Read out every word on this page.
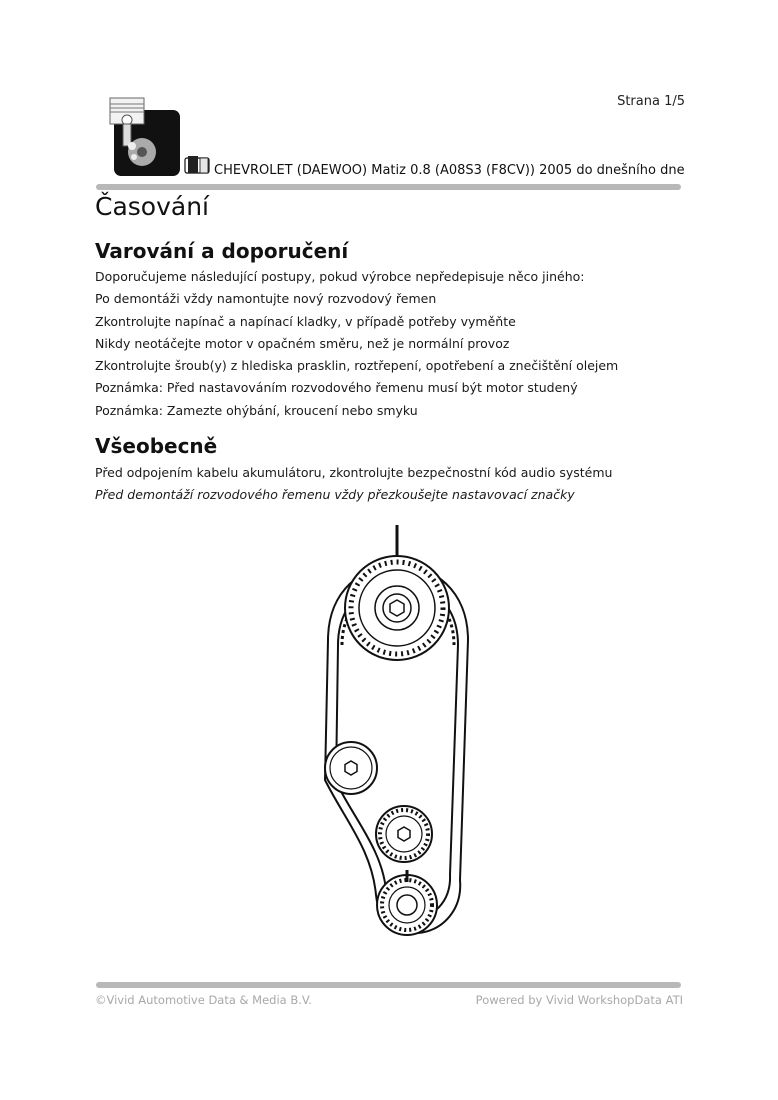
Strana 1/5
CHEVROLET (DAEWOO) Matiz 0.8 (A08S3 (F8CV)) 2005 do dnešního dne
Časování
Varování a doporučení
Doporučujeme následující postupy, pokud výrobce nepředepisuje něco jiného:
Po demontáži vždy namontujte nový rozvodový řemen
Zkontrolujte napínač a napínací kladky, v případě potřeby vyměňte
Nikdy neotáčejte motor v opačném směru, než je normální provoz
Zkontrolujte šroub(y) z hlediska prasklin, roztřepení, opotřebení a znečištění olejem
Poznámka: Před nastavováním rozvodového řemenu musí být motor studený
Poznámka: Zamezte ohýbání, kroucení nebo smyku
Všeobecně
Před odpojením kabelu akumulátoru, zkontrolujte bezpečnostní kód audio systému
Před demontáží rozvodového řemenu vždy přezkoušejte nastavovací značky
©Vivid Automotive Data & Media B.V.	Powered by Vivid WorkshopData ATI
